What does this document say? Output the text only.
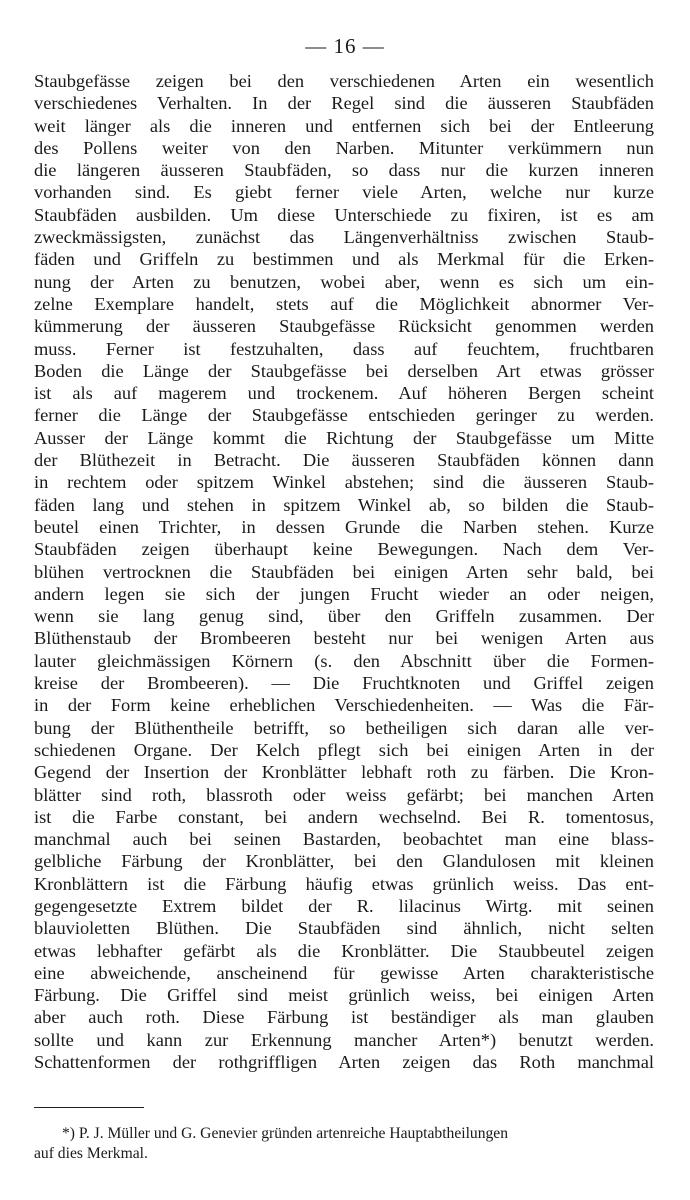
— 16 —
Staubgefässe zeigen bei den verschiedenen Arten ein wesentlich
verschiedenes Verhalten. In der Regel sind die äusseren Staubfäden
weit länger als die inneren und entfernen sich bei der Entleerung
des Pollens weiter von den Narben. Mitunter verkümmern nun
die längeren äusseren Staubfäden, so dass nur die kurzen inneren
vorhanden sind. Es giebt ferner viele Arten, welche nur kurze
Staubfäden ausbilden. Um diese Unterschiede zu fixiren, ist es am
zweckmässigsten, zunächst das Längenverhältniss zwischen Staub-
fäden und Griffeln zu bestimmen und als Merkmal für die Erken-
nung der Arten zu benutzen, wobei aber, wenn es sich um ein-
zelne Exemplare handelt, stets auf die Möglichkeit abnormer Ver-
kümmerung der äusseren Staubgefässe Rücksicht genommen werden
muss. Ferner ist festzuhalten, dass auf feuchtem, fruchtbaren
Boden die Länge der Staubgefässe bei derselben Art etwas grösser
ist als auf magerem und trockenem. Auf höheren Bergen scheint
ferner die Länge der Staubgefässe entschieden geringer zu werden.
Ausser der Länge kommt die Richtung der Staubgefässe um Mitte
der Blüthezeit in Betracht. Die äusseren Staubfäden können dann
in rechtem oder spitzem Winkel abstehen; sind die äusseren Staub-
fäden lang und stehen in spitzem Winkel ab, so bilden die Staub-
beutel einen Trichter, in dessen Grunde die Narben stehen. Kurze
Staubfäden zeigen überhaupt keine Bewegungen. Nach dem Ver-
blühen vertrocknen die Staubfäden bei einigen Arten sehr bald, bei
andern legen sie sich der jungen Frucht wieder an oder neigen,
wenn sie lang genug sind, über den Griffeln zusammen. Der
Blüthenstaub der Brombeeren besteht nur bei wenigen Arten aus
lauter gleichmässigen Körnern (s. den Abschnitt über die Formen-
kreise der Brombeeren). — Die Fruchtknoten und Griffel zeigen
in der Form keine erheblichen Verschiedenheiten. — Was die Fär-
bung der Blüthentheile betrifft, so betheiligen sich daran alle ver-
schiedenen Organe. Der Kelch pflegt sich bei einigen Arten in der
Gegend der Insertion der Kronblätter lebhaft roth zu färben. Die Kron-
blätter sind roth, blassroth oder weiss gefärbt; bei manchen Arten
ist die Farbe constant, bei andern wechselnd. Bei R. tomentosus,
manchmal auch bei seinen Bastarden, beobachtet man eine blass-
gelbliche Färbung der Kronblätter, bei den Glandulosen mit kleinen
Kronblättern ist die Färbung häufig etwas grünlich weiss. Das ent-
gegengesetzte Extrem bildet der R. lilacinus Wirtg. mit seinen
blauvioletten Blüthen. Die Staubfäden sind ähnlich, nicht selten
etwas lebhafter gefärbt als die Kronblätter. Die Staubbeutel zeigen
eine abweichende, anscheinend für gewisse Arten charakteristische
Färbung. Die Griffel sind meist grünlich weiss, bei einigen Arten
aber auch roth. Diese Färbung ist beständiger als man glauben
sollte und kann zur Erkennung mancher Arten*) benutzt werden.
Schattenformen der rothgriffligen Arten zeigen das Roth manchmal
*) P. J. Müller und G. Genevier gründen artenreiche Hauptabtheilungen
auf dies Merkmal.
